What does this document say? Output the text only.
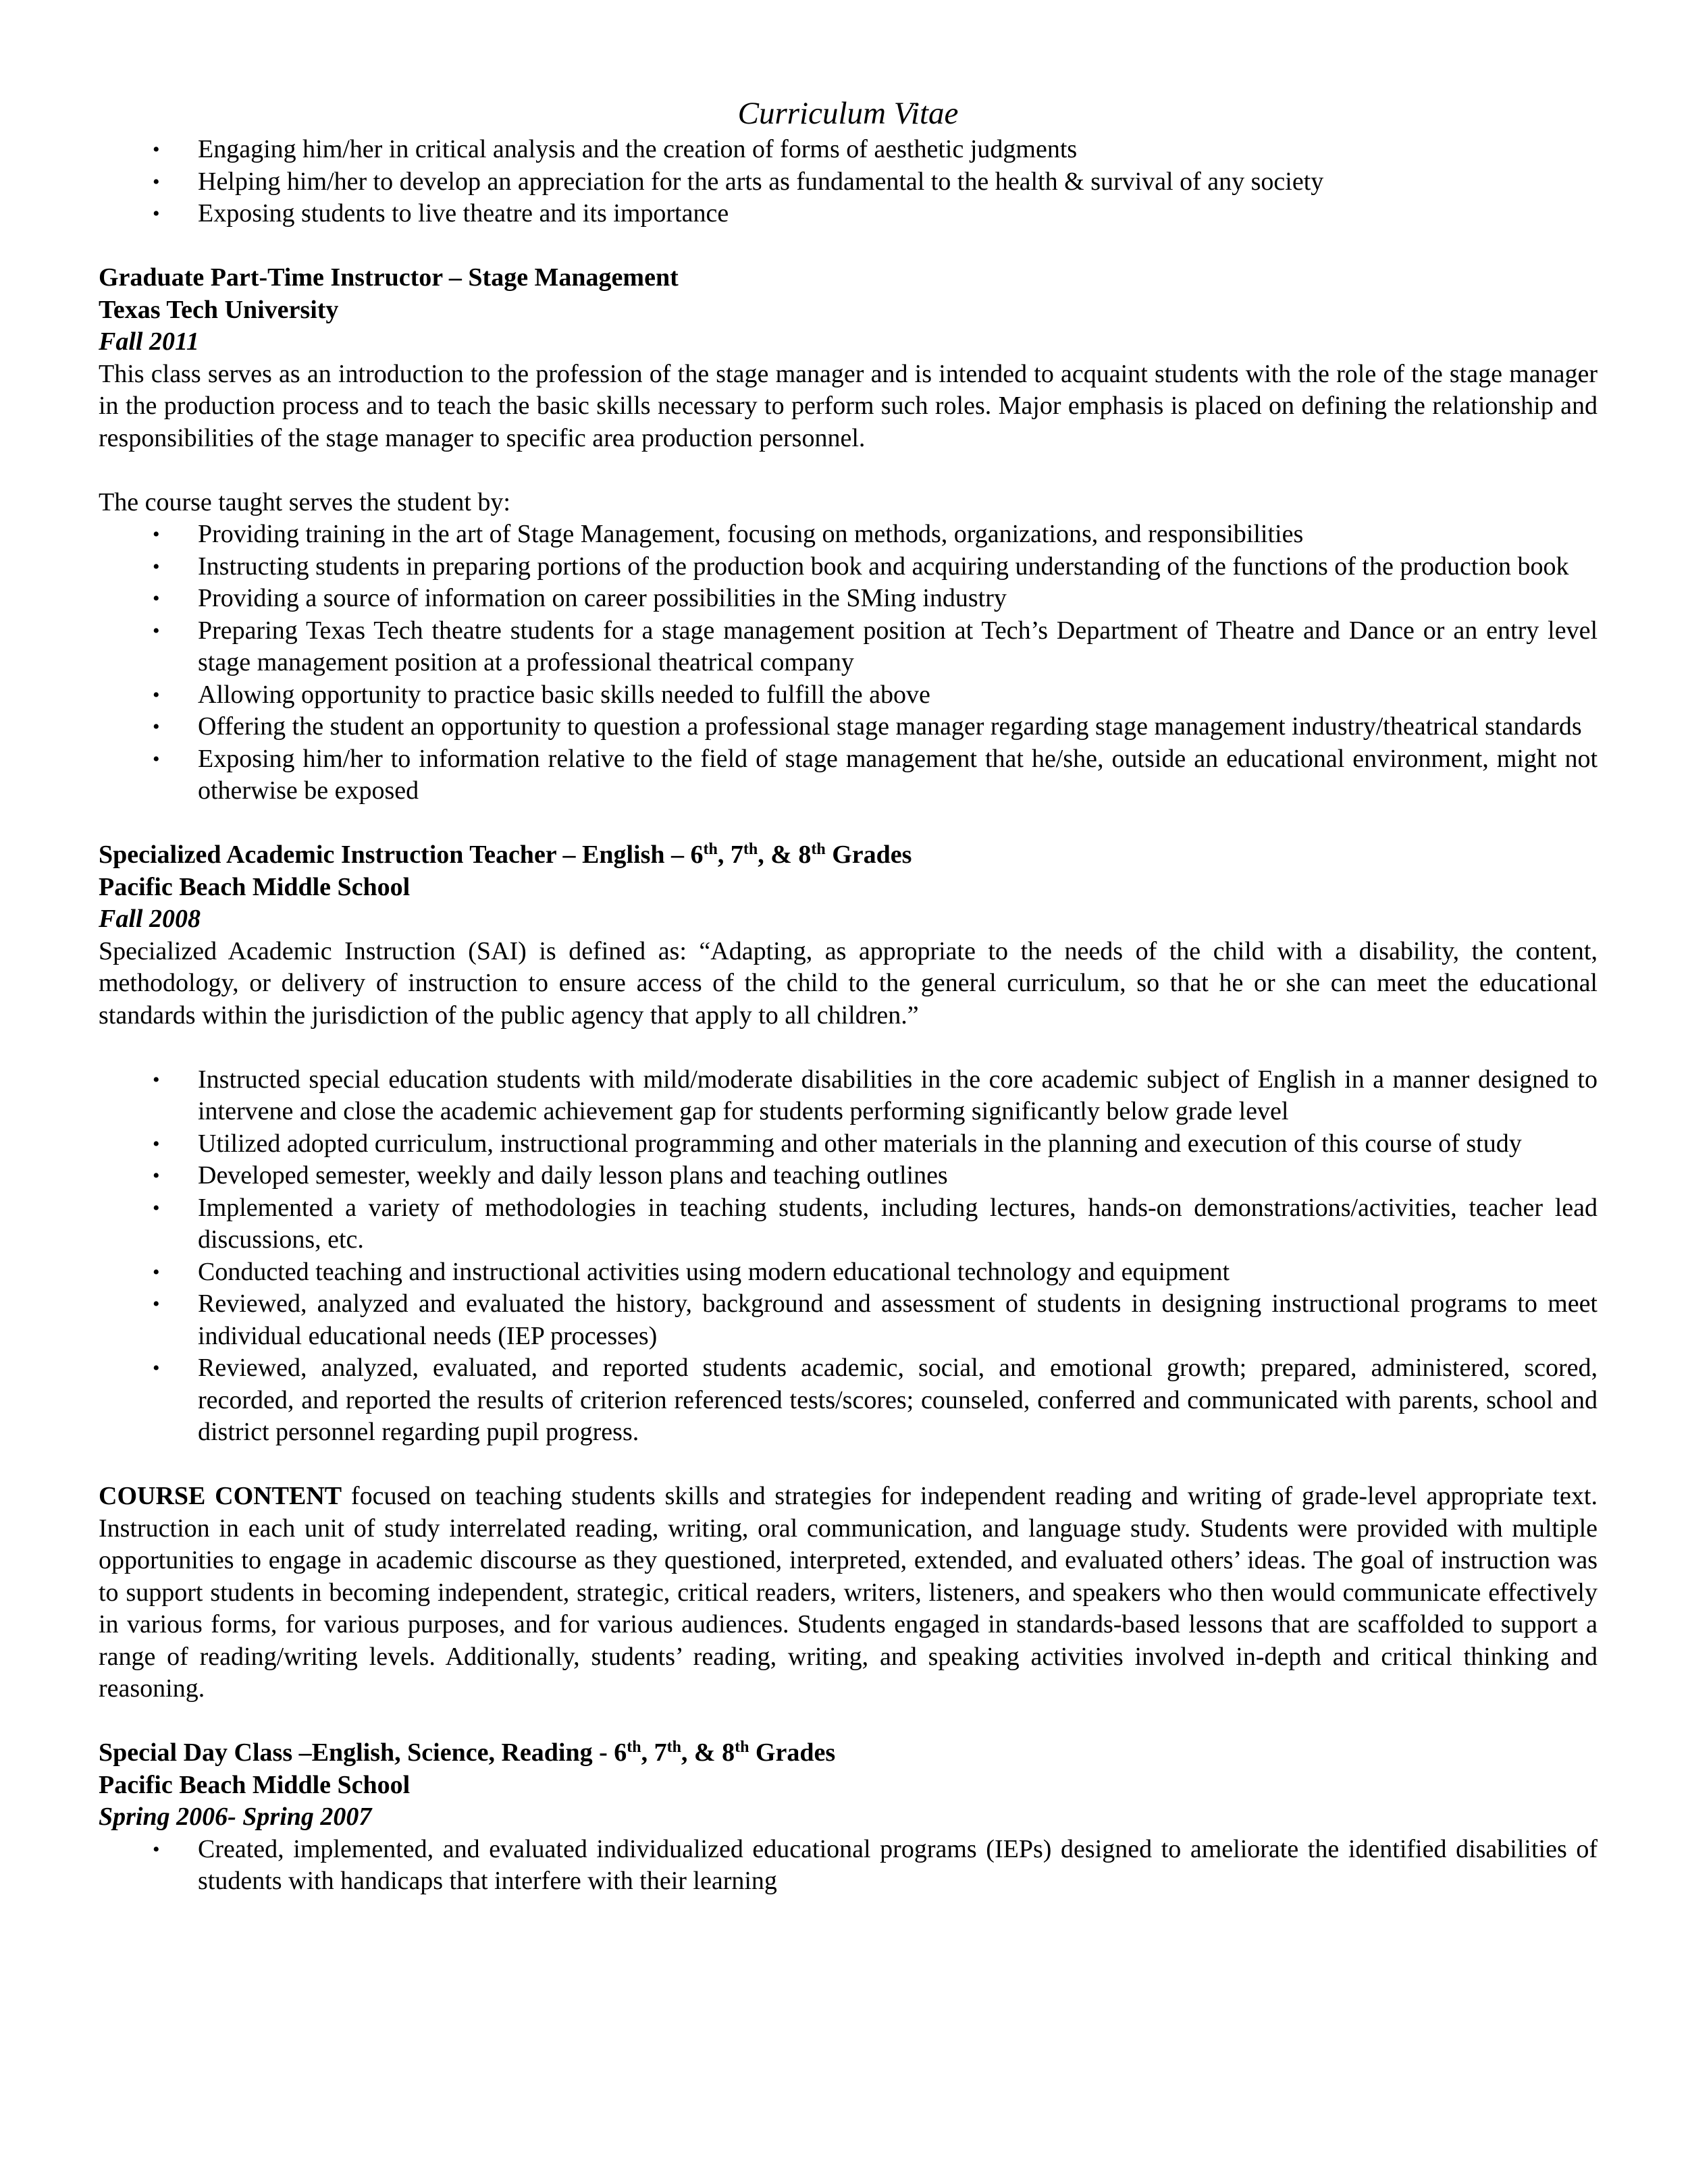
Curriculum Vitae
• Engaging him/her in critical analysis and the creation of forms of aesthetic judgments
• Helping him/her to develop an appreciation for the arts as fundamental to the health & survival of any society
• Exposing students to live theatre and its importance

Graduate Part-Time Instructor – Stage Management

Texas Tech University

Fall 2011

This class serves as an introduction to the profession of the stage manager and is intended to acquaint students with the role of the stage manager in the production process and to teach the basic skills necessary to perform such roles. Major emphasis is placed on defining the relationship and responsibilities of the stage manager to specific area production personnel.

The course taught serves the student by:

• Providing training in the art of Stage Management, focusing on methods, organizations, and responsibilities
• Instructing students in preparing portions of the production book and acquiring understanding of the functions of the production book
• Providing a source of information on career possibilities in the SMing industry
• Preparing Texas Tech theatre students for a stage management position at Tech’s Department of Theatre and Dance or an entry level stage management position at a professional theatrical company
• Allowing opportunity to practice basic skills needed to fulfill the above
• Offering the student an opportunity to question a professional stage manager regarding stage management industry/theatrical standards
• Exposing him/her to information relative to the field of stage management that he/she, outside an educational environment, might not otherwise be exposed

Specialized Academic Instruction Teacher – English – 6th, 7th, & 8th Grades

Pacific Beach Middle School

Fall 2008

Specialized Academic Instruction (SAI) is defined as: “Adapting, as appropriate to the needs of the child with a disability, the content, methodology, or delivery of instruction to ensure access of the child to the general curriculum, so that he or she can meet the educational standards within the jurisdiction of the public agency that apply to all children.”

• Instructed special education students with mild/moderate disabilities in the core academic subject of English in a manner designed to intervene and close the academic achievement gap for students performing significantly below grade level
• Utilized adopted curriculum, instructional programming and other materials in the planning and execution of this course of study
• Developed semester, weekly and daily lesson plans and teaching outlines
• Implemented a variety of methodologies in teaching students, including lectures, hands-on demonstrations/activities, teacher lead discussions, etc.
• Conducted teaching and instructional activities using modern educational technology and equipment
• Reviewed, analyzed and evaluated the history, background and assessment of students in designing instructional programs to meet individual educational needs (IEP processes)
• Reviewed, analyzed, evaluated, and reported students academic, social, and emotional growth; prepared, administered, scored, recorded, and reported the results of criterion referenced tests/scores; counseled, conferred and communicated with parents, school and district personnel regarding pupil progress.

COURSE CONTENT focused on teaching students skills and strategies for independent reading and writing of grade-level appropriate text. Instruction in each unit of study interrelated reading, writing, oral communication, and language study. Students were provided with multiple opportunities to engage in academic discourse as they questioned, interpreted, extended, and evaluated others’ ideas. The goal of instruction was to support students in becoming independent, strategic, critical readers, writers, listeners, and speakers who then would communicate effectively in various forms, for various purposes, and for various audiences. Students engaged in standards-based lessons that are scaffolded to support a range of reading/writing levels. Additionally, students’ reading, writing, and speaking activities involved in-depth and critical thinking and reasoning.

Special Day Class –English, Science, Reading - 6th, 7th, & 8th Grades

Pacific Beach Middle School

Spring 2006- Spring 2007

• Created, implemented, and evaluated individualized educational programs (IEPs) designed to ameliorate the identified disabilities of students with handicaps that interfere with their learning
